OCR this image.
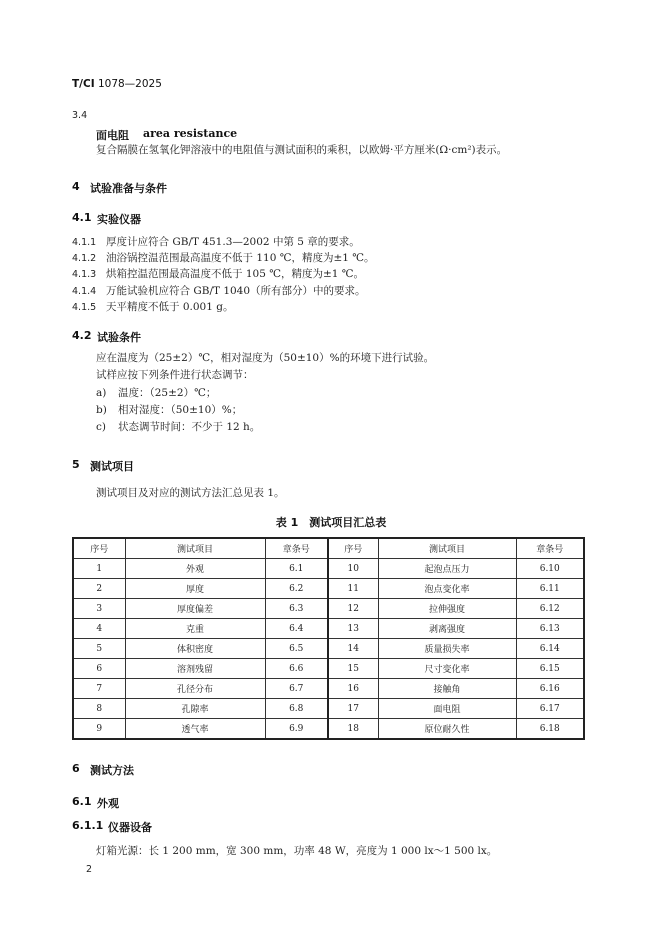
T/CI 1078—2025
3.4
面电阻 area resistance
复合隔膜在氢氧化钾溶液中的电阻值与测试面积的乘积，以欧姆·平方厘米(Ω·cm²)表示。
4 试验准备与条件
4.1 实验仪器
4.1.1 厚度计应符合 GB/T 451.3—2002 中第 5 章的要求。
4.1.2 油浴锅控温范围最高温度不低于 110 ℃，精度为±1 ℃。
4.1.3 烘箱控温范围最高温度不低于 105 ℃，精度为±1 ℃。
4.1.4 万能试验机应符合 GB/T 1040（所有部分）中的要求。
4.1.5 天平精度不低于 0.001 g。
4.2 试验条件
应在温度为（25±2）℃，相对湿度为（50±10）%的环境下进行试验。
试样应按下列条件进行状态调节：
a) 温度：（25±2）℃；
b) 相对湿度：（50±10）%；
c) 状态调节时间：不少于 12 h。
5 测试项目
测试项目及对应的测试方法汇总见表 1。
表 1　测试项目汇总表
序号	测试项目	章条号	序号	测试项目	章条号
1	外观	6.1	10	起泡点压力	6.10
2	厚度	6.2	11	泡点变化率	6.11
3	厚度偏差	6.3	12	拉伸强度	6.12
4	克重	6.4	13	剥离强度	6.13
5	体积密度	6.5	14	质量损失率	6.14
6	溶剂残留	6.6	15	尺寸变化率	6.15
7	孔径分布	6.7	16	接触角	6.16
8	孔隙率	6.8	17	面电阻	6.17
9	透气率	6.9	18	原位耐久性	6.18
6 测试方法
6.1 外观
6.1.1 仪器设备
灯箱光源：长 1 200 mm，宽 300 mm，功率 48 W，亮度为 1 000 lx～1 500 lx。
2
